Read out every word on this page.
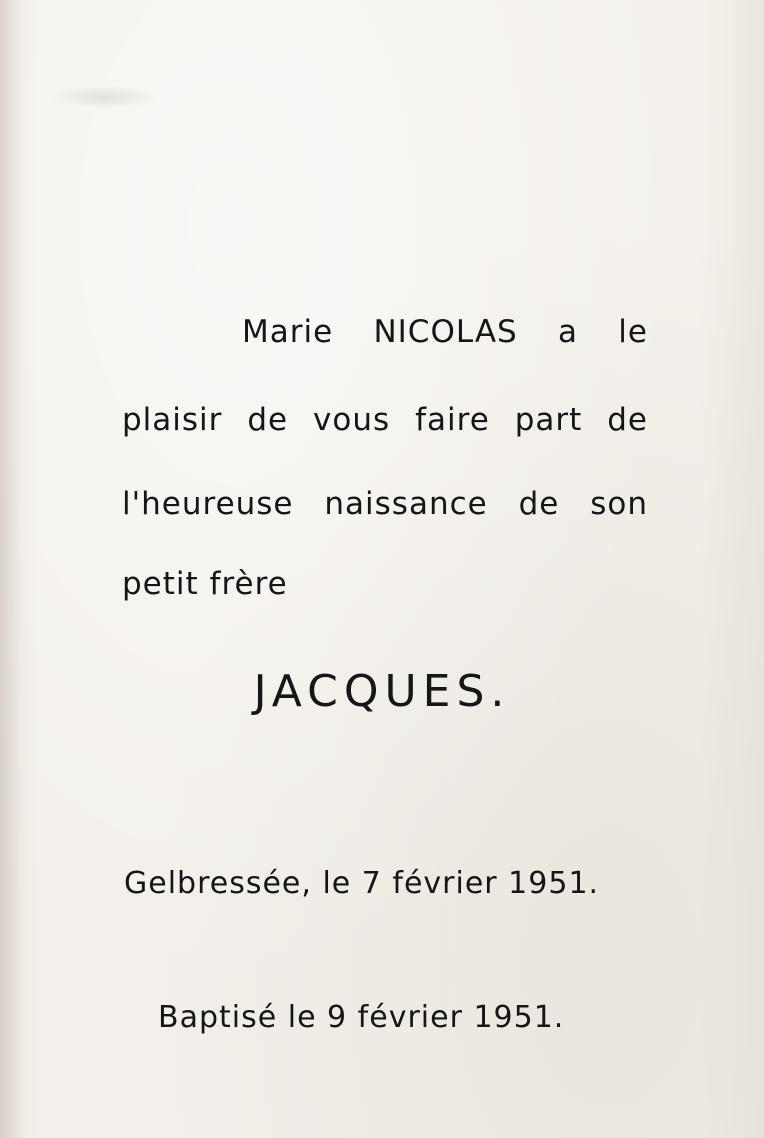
Marie NICOLAS a le
plaisir de vous faire part de
l'heureuse naissance de son
petit frère
JACQUES.
Gelbressée, le 7 février 1951.
Baptisé le 9 février 1951.
